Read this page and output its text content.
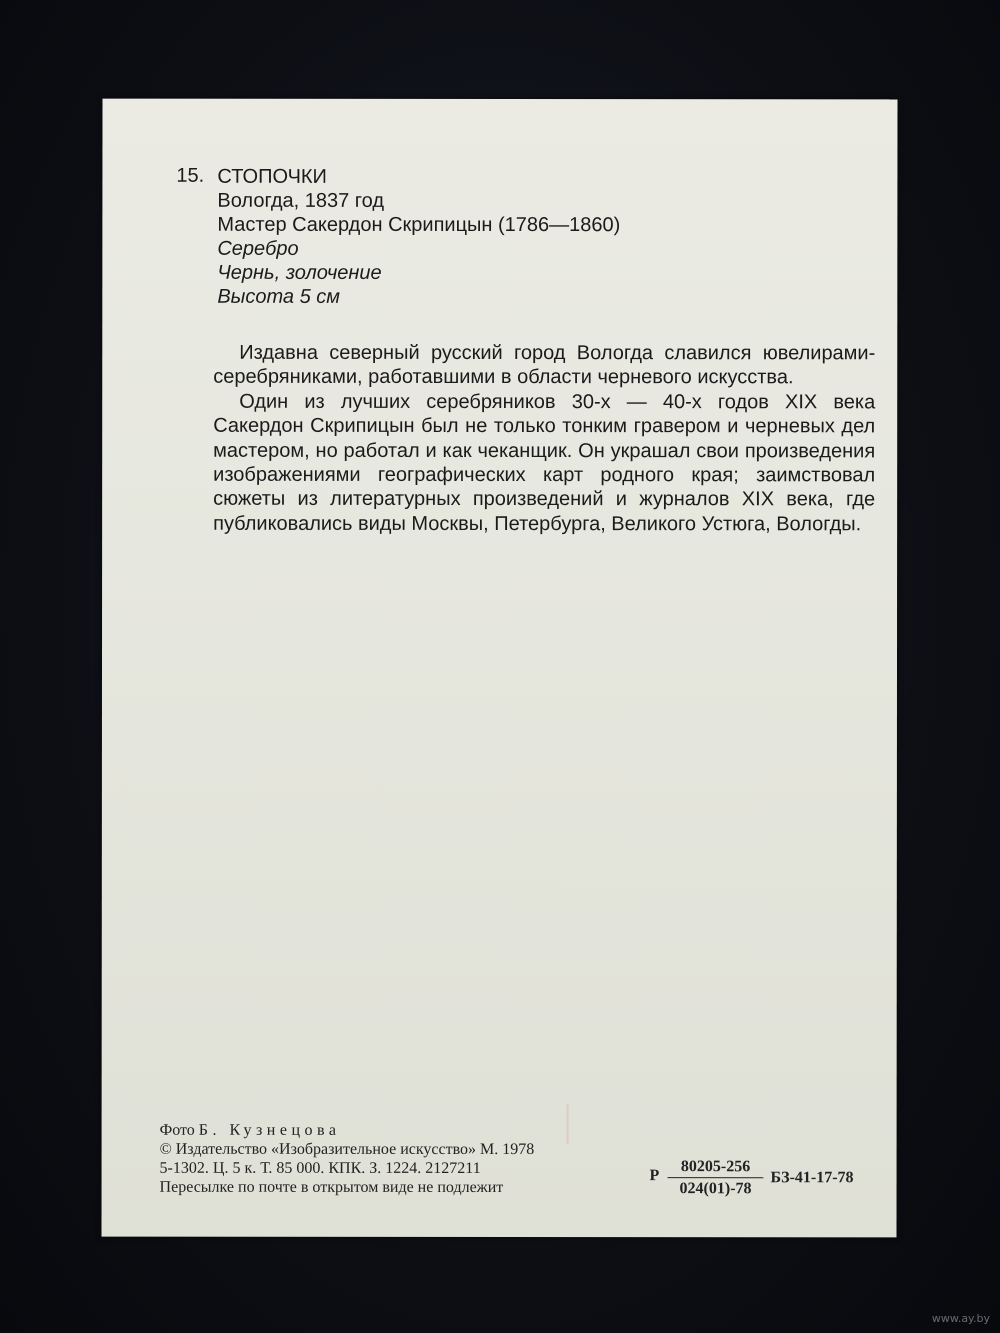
15. СТОПОЧКИ
Вологда, 1837 год
Мастер Сакердон Скрипицын (1786—1860)
Серебро
Чернь, золочение
Высота 5 см

Издавна северный русский город Вологда славился ювелирами-серебряниками, работавшими в области черневого искусства.

Один из лучших серебряников 30-х — 40-х годов XIX века Сакердон Скрипицын был не только тонким гравером и черневых дел мастером, но работал и как чеканщик. Он украшал свои произведения изображениями географических карт родного края; заимствовал сюжеты из литературных произведений и журналов XIX века, где публиковались виды Москвы, Петербурга, Великого Устюга, Вологды.

Фото Б. Кузнецова
© Издательство «Изобразительное искусство» М. 1978
5-1302. Ц. 5 к. Т. 85 000. КПК. З. 1224. 2127211
Пересылке по почте в открытом виде не подлежит
Р $\frac{80205-256}{024(01)-78} БЗ-41-17-78$
www.ay.by
